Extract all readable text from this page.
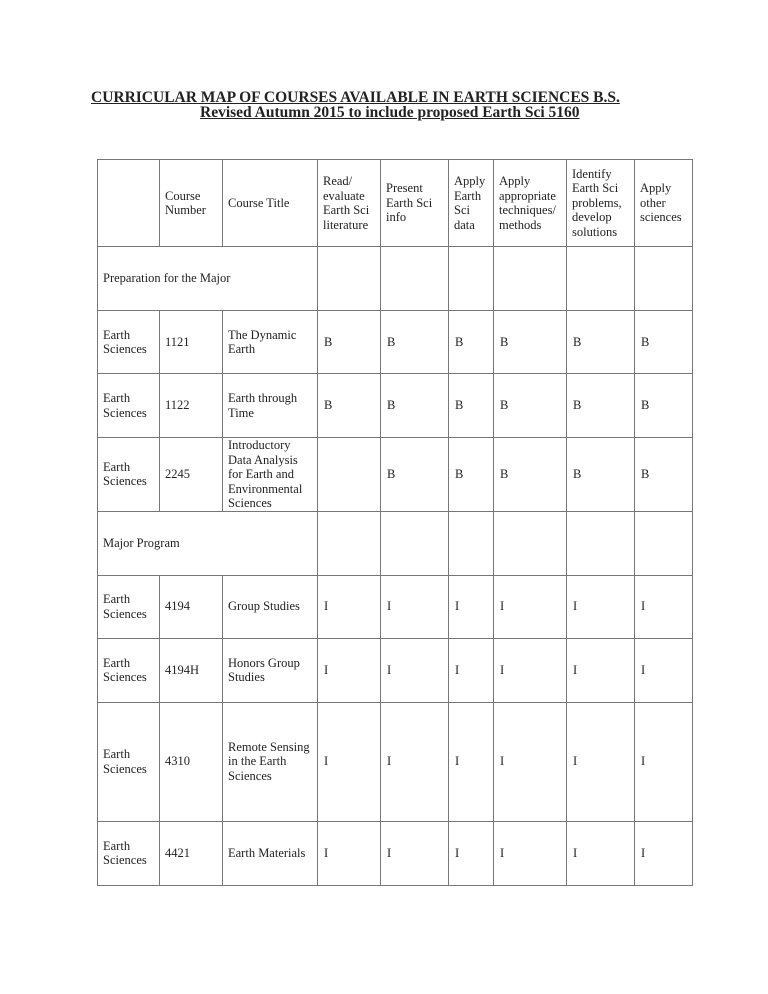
CURRICULAR MAP OF COURSES AVAILABLE IN EARTH SCIENCES B.S.
Revised Autumn 2015 to include proposed Earth Sci 5160
	Course Number	Course Title	Read/ evaluate Earth Sci literature	Present Earth Sci info	Apply Earth Sci data	Apply appropriate techniques/ methods	Identify Earth Sci problems, develop solutions	Apply other sciences
Preparation for the Major								
Earth Sciences	1121	The Dynamic Earth	B	B	B	B	B	B
Earth Sciences	1122	Earth through Time	B	B	B	B	B	B
Earth Sciences	2245	Introductory Data Analysis for Earth and Environmental Sciences		B	B	B	B	B
Major Program								
Earth Sciences	4194	Group Studies	I	I	I	I	I	I
Earth Sciences	4194H	Honors Group Studies	I	I	I	I	I	I
Earth Sciences	4310	Remote Sensing in the Earth Sciences	I	I	I	I	I	I
Earth Sciences	4421	Earth Materials	I	I	I	I	I	I
